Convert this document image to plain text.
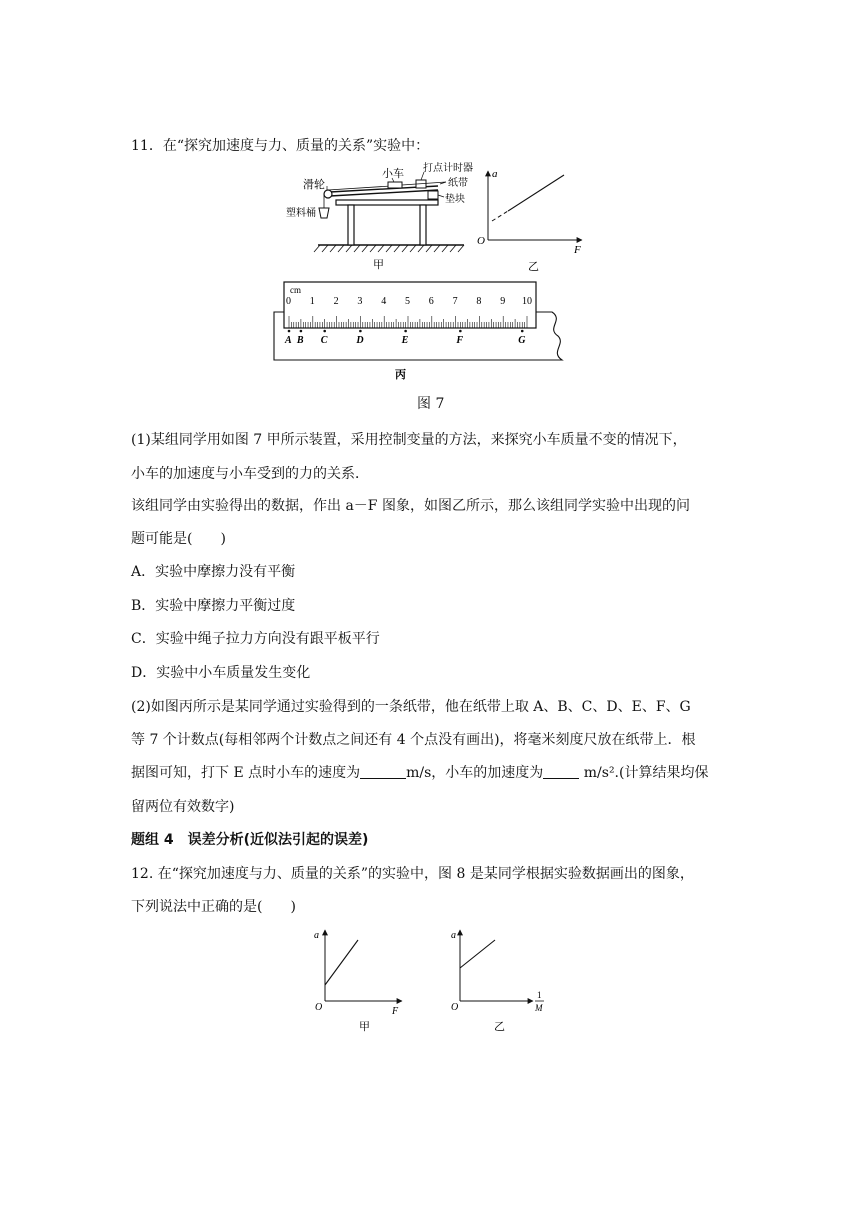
11．在“探究加速度与力、质量的关系”实验中：
滑轮
小车 打点计时器
纸带
垫块
塑料桶
甲
a
F
O
乙
cm
0 1 2 3 4 5 6 7 8 9 10
A B C	D	E	F	G
丙
图 7
(1)某组同学用如图 7 甲所示装置，采用控制变量的方法，来探究小车质量不变的情况下，
小车的加速度与小车受到的力的关系．
该组同学由实验得出的数据，作出 a－F 图象，如图乙所示，那么该组同学实验中出现的问
题可能是(　　)
A．实验中摩擦力没有平衡
B．实验中摩擦力平衡过度
C．实验中绳子拉力方向没有跟平板平行
D．实验中小车质量发生变化
(2)如图丙所示是某同学通过实验得到的一条纸带，他在纸带上取 A、B、C、D、E、F、G
等 7 个计数点(每相邻两个计数点之间还有 4 个点没有画出)，将毫米刻度尺放在纸带上．根
据图可知，打下 E 点时小车的速度为	m/s，小车的加速度为	m/s².(计算结果均保
留两位有效数字)
题组 4　误差分析(近似法引起的误差)
12. 在“探究加速度与力、质量的关系”的实验中，图 8 是某同学根据实验数据画出的图象，
下列说法中正确的是(　　)
a
F
O
甲
a
1
M
O
乙
